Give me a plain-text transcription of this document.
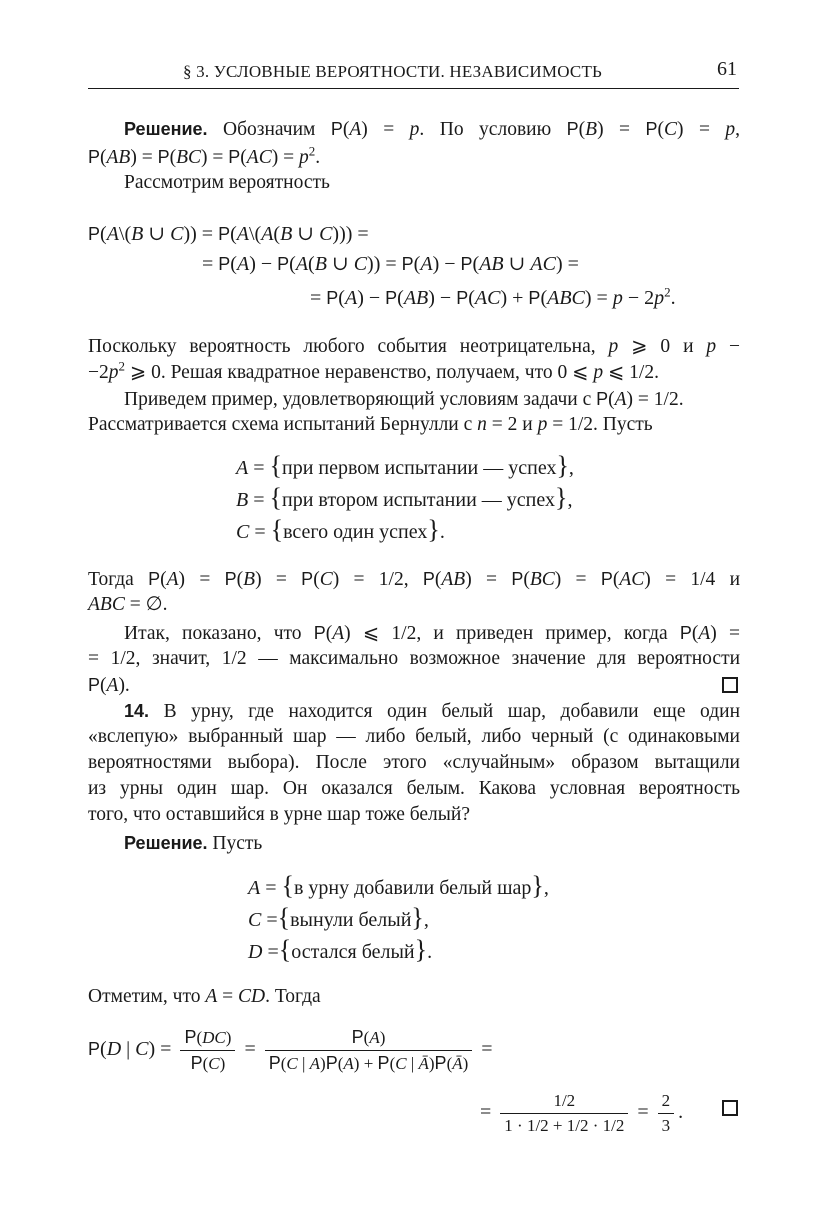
§ 3. УСЛОВНЫЕ ВЕРОЯТНОСТИ. НЕЗАВИСИМОСТЬ	61
Решение. Обозначим P(A) = p. По условию P(B) = P(C) = p,
$P(AB) = P(BC) = P(AC) = p^2$.
Рассмотрим вероятность
P(A\(B ∪ C)) = P(A\(A(B ∪ C))) =
= P(A) − P(A(B ∪ C)) = P(A) − P(AB ∪ AC) =
= $P(A) - P(AB) - P(AC) + P(ABC) = p - 2p^2$.
Поскольку вероятность любого события неотрицательна, p ⩾ 0 и p −
$-2p^2$ ⩾ 0. Решая квадратное неравенство, получаем, что 0 ⩽ p ⩽ 1/2.
Приведем пример, удовлетворяющий условиям задачи с P(A) = 1/2.
Рассматривается схема испытаний Бернулли с n = 2 и p = 1/2. Пусть
A = {при первом испытании — успех},
B = {при втором испытании — успех},
C = {всего один успех}.
Тогда P(A) = P(B) = P(C) = 1/2, P(AB) = P(BC) = P(AC) = 1/4 и
ABC = ∅.
Итак, показано, что P(A) ⩽ 1/2, и приведен пример, когда P(A) =
= 1/2, значит, 1/2 — максимально возможное значение для вероятности
P(A).
14. В урну, где находится один белый шар, добавили еще один
«вслепую» выбранный шар — либо белый, либо черный (с одинаковыми
вероятностями выбора). После этого «случайным» образом вытащили
из урны один шар. Он оказался белым. Какова условная вероятность
того, что оставшийся в урне шар тоже белый?
Решение. Пусть
A = {в урну добавили белый шар},
C ={вынули белый},
D ={остался белый}.
Отметим, что A = CD. Тогда
P(D | $C) = \frac{P(DC)}{P(C)} = \frac{P(A)}{P(C | A)P(A) + P(C | Ā)P(Ā)}$ =
= $\frac{1/2}{1 \cdot 1/2 + 1/2 \cdot 1/2} = \frac{2}{3}$ .
